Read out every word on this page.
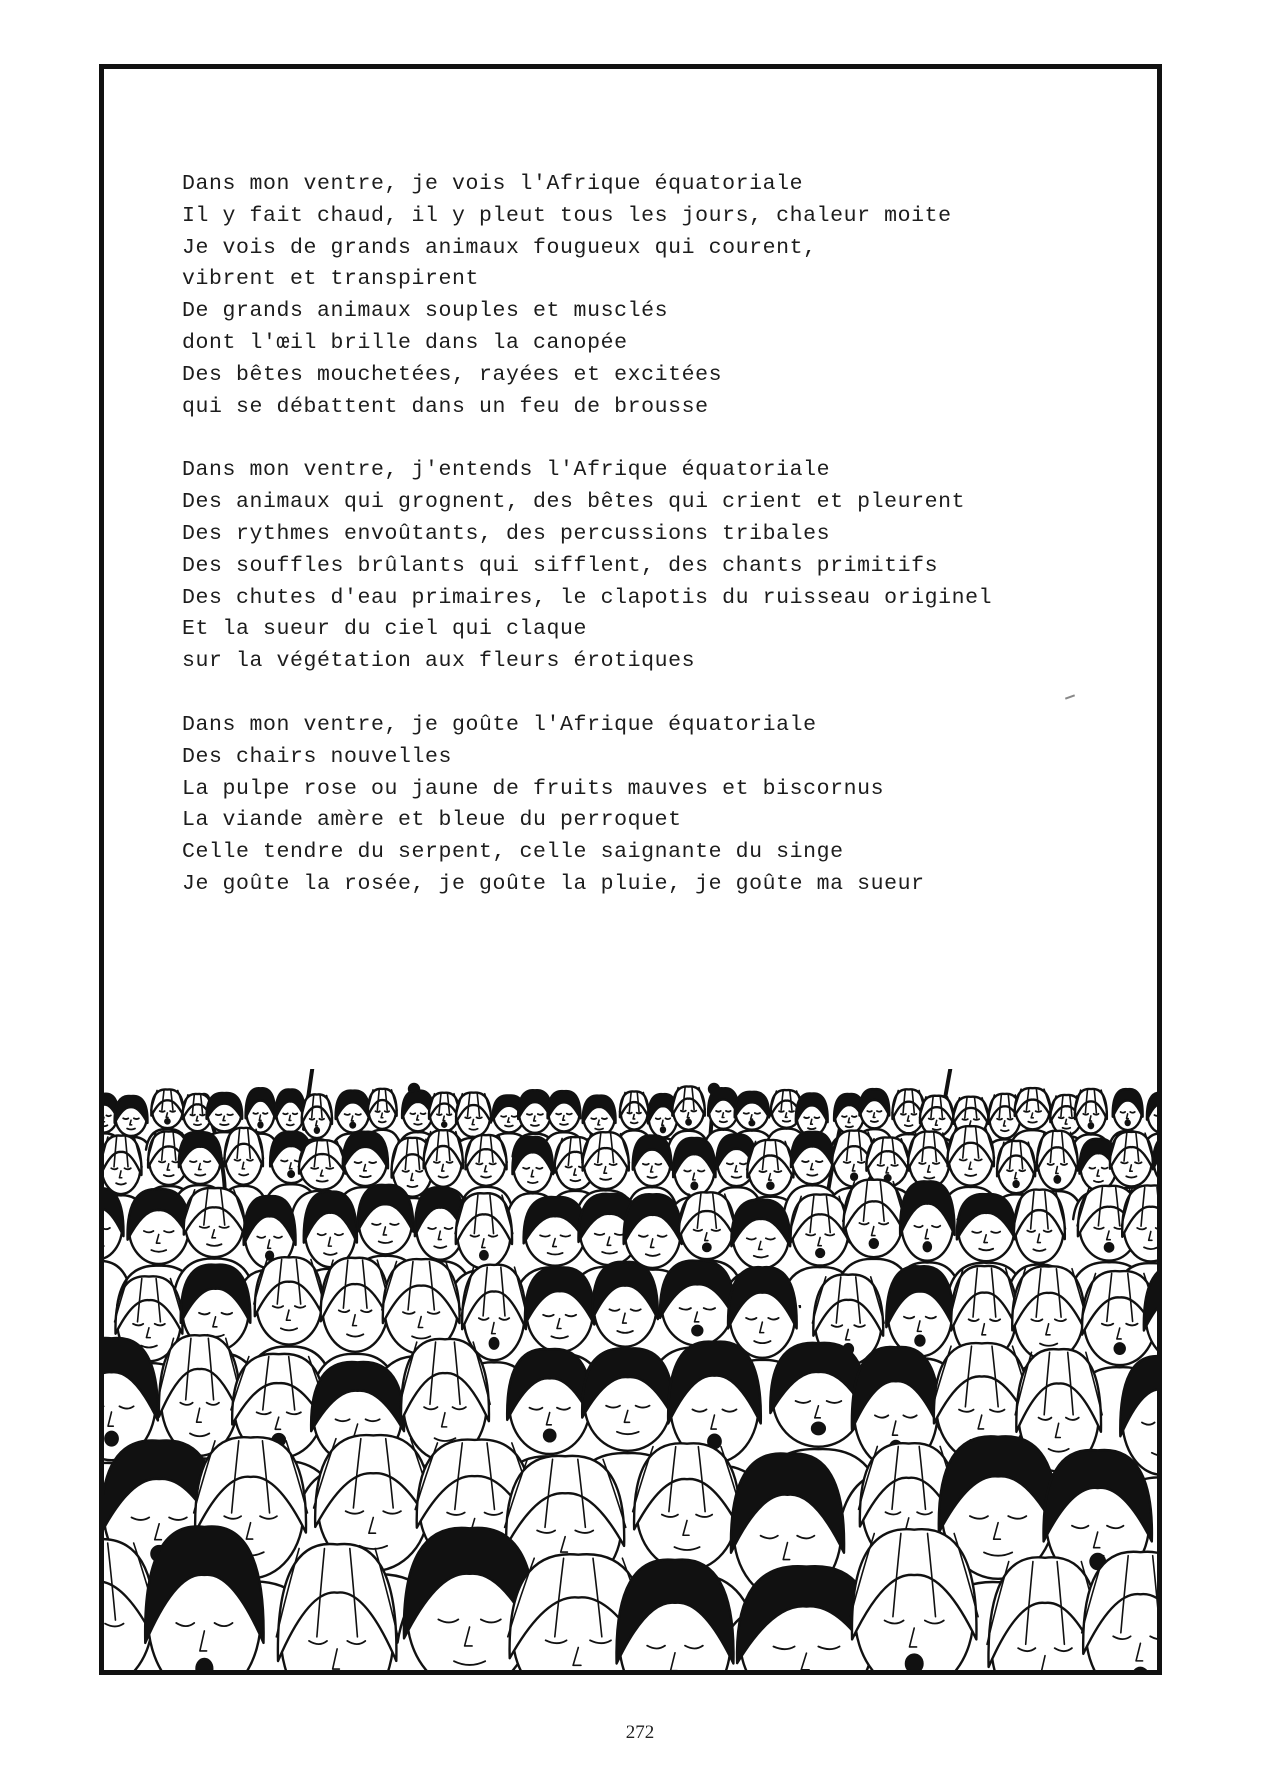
Dans mon ventre, je vois l'Afrique équatoriale
Il y fait chaud, il y pleut tous les jours, chaleur moite
Je vois de grands animaux fougueux qui courent,
vibrent et transpirent
De grands animaux souples et musclés
dont l'œil brille dans la canopée
Des bêtes mouchetées, rayées et excitées
qui se débattent dans un feu de brousse
Dans mon ventre, j'entends l'Afrique équatoriale
Des animaux qui grognent, des bêtes qui crient et pleurent
Des rythmes envoûtants, des percussions tribales
Des souffles brûlants qui sifflent, des chants primitifs
Des chutes d'eau primaires, le clapotis du ruisseau originel
Et la sueur du ciel qui claque
sur la végétation aux fleurs érotiques
Dans mon ventre, je goûte l'Afrique équatoriale
Des chairs nouvelles
La pulpe rose ou jaune de fruits mauves et biscornus
La viande amère et bleue du perroquet
Celle tendre du serpent, celle saignante du singe
Je goûte la rosée, je goûte la pluie, je goûte ma sueur
272
